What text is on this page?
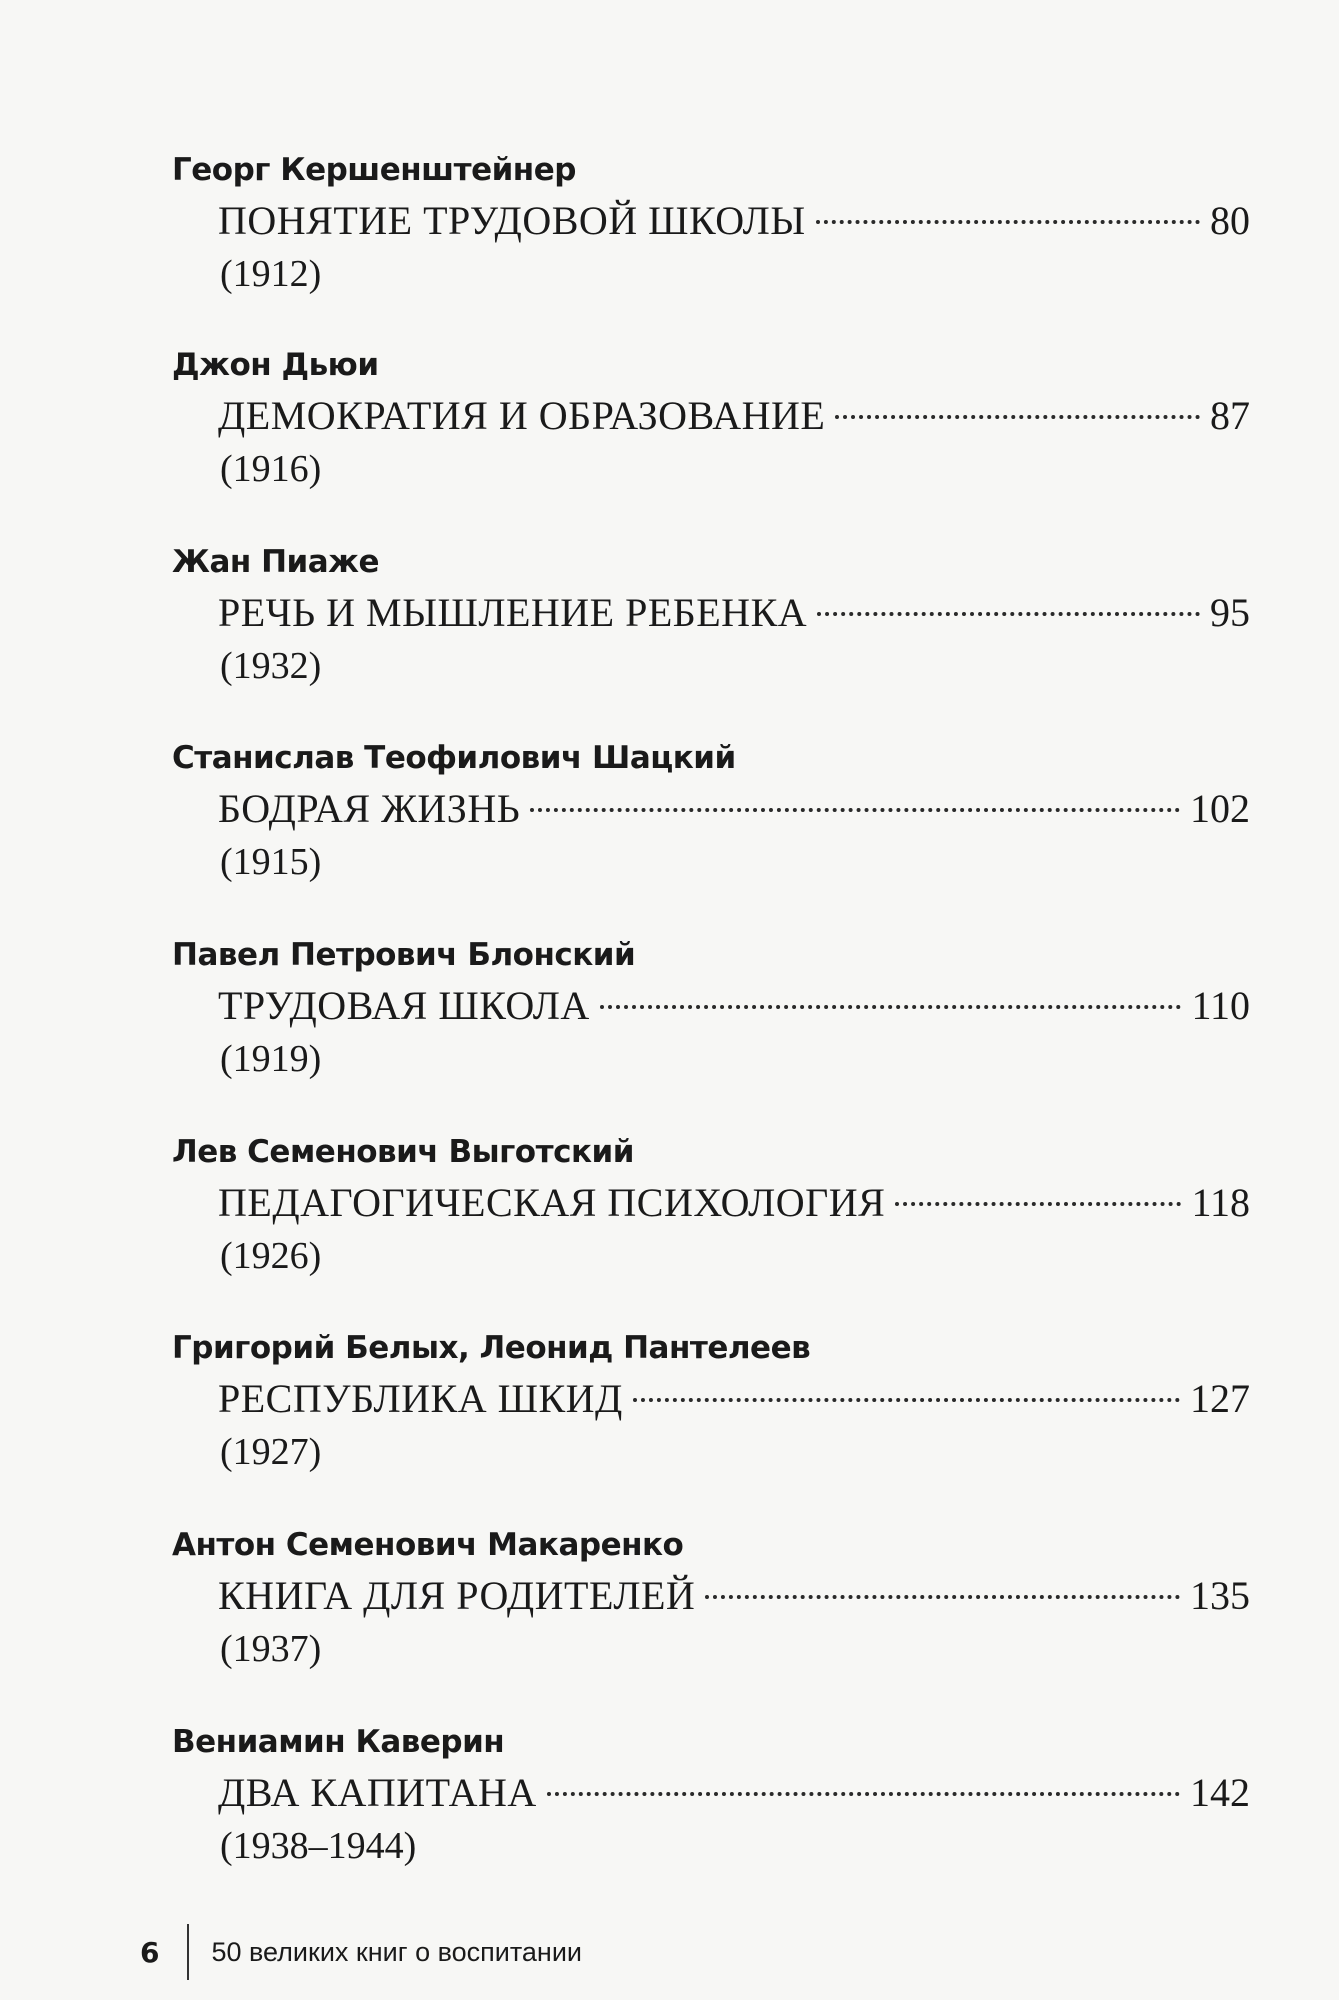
Георг Кершенштейнер
ПОНЯТИЕ ТРУДОВОЙ ШКОЛЫ	80
(1912)
Джон Дьюи
ДЕМОКРАТИЯ И ОБРАЗОВАНИЕ	87
(1916)
Жан Пиаже
РЕЧЬ И МЫШЛЕНИЕ РЕБЕНКА	95
(1932)
Станислав Теофилович Шацкий
БОДРАЯ ЖИЗНЬ	102
(1915)
Павел Петрович Блонский
ТРУДОВАЯ ШКОЛА	110
(1919)
Лев Семенович Выготский
ПЕДАГОГИЧЕСКАЯ ПСИХОЛОГИЯ	118
(1926)
Григорий Белых, Леонид Пантелеев
РЕСПУБЛИКА ШКИД	127
(1927)
Антон Семенович Макаренко
КНИГА ДЛЯ РОДИТЕЛЕЙ	135
(1937)
Вениамин Каверин
ДВА КАПИТАНА	142
(1938–1944)
6 50 великих книг о воспитании
